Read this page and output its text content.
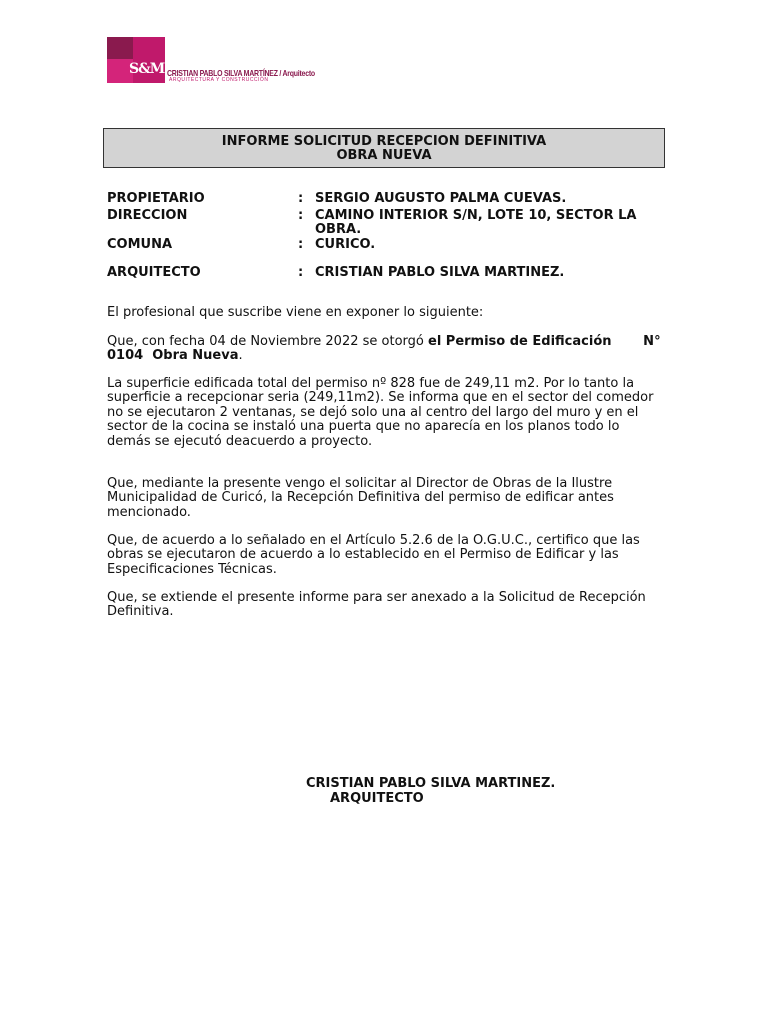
S&M CRISTIAN PABLO SILVA MARTÍNEZ / Arquitecto
ARQUITECTURA Y CONSTRUCCIÓN
INFORME SOLICITUD RECEPCION DEFINITIVA
OBRA NUEVA
PROPIETARIO	: SERGIO AUGUSTO PALMA CUEVAS.
DIRECCION	: CAMINO INTERIOR S/N, LOTE 10, SECTOR LA OBRA.
COMUNA	: CURICO.
ARQUITECTO	: CRISTIAN PABLO SILVA MARTINEZ.
El profesional que suscribe viene en exponer lo siguiente:
Que, con fecha 04 de Noviembre 2022 se otorgó el Permiso de Edificación       N° 0104  Obra Nueva.
La superficie edificada total del permiso nº 828 fue de 249,11 m2. Por lo tanto la superficie a recepcionar seria (249,11m2). Se informa que en el sector del comedor no se ejecutaron 2 ventanas, se dejó solo una al centro del largo del muro y en el sector de la cocina se instaló una puerta que no aparecía en los planos todo lo demás se ejecutó deacuerdo a proyecto.
Que, mediante la presente vengo el solicitar al Director de Obras de la Ilustre Municipalidad de Curicó, la Recepción Definitiva del permiso de edificar antes mencionado.
Que, de acuerdo a lo señalado en el Artículo 5.2.6 de la O.G.U.C., certifico que las obras se ejecutaron de acuerdo a lo establecido en el Permiso de Edificar y las Especificaciones Técnicas.
Que, se extiende el presente informe para ser anexado a la Solicitud de Recepción Definitiva.
CRISTIAN PABLO SILVA MARTINEZ.
ARQUITECTO
